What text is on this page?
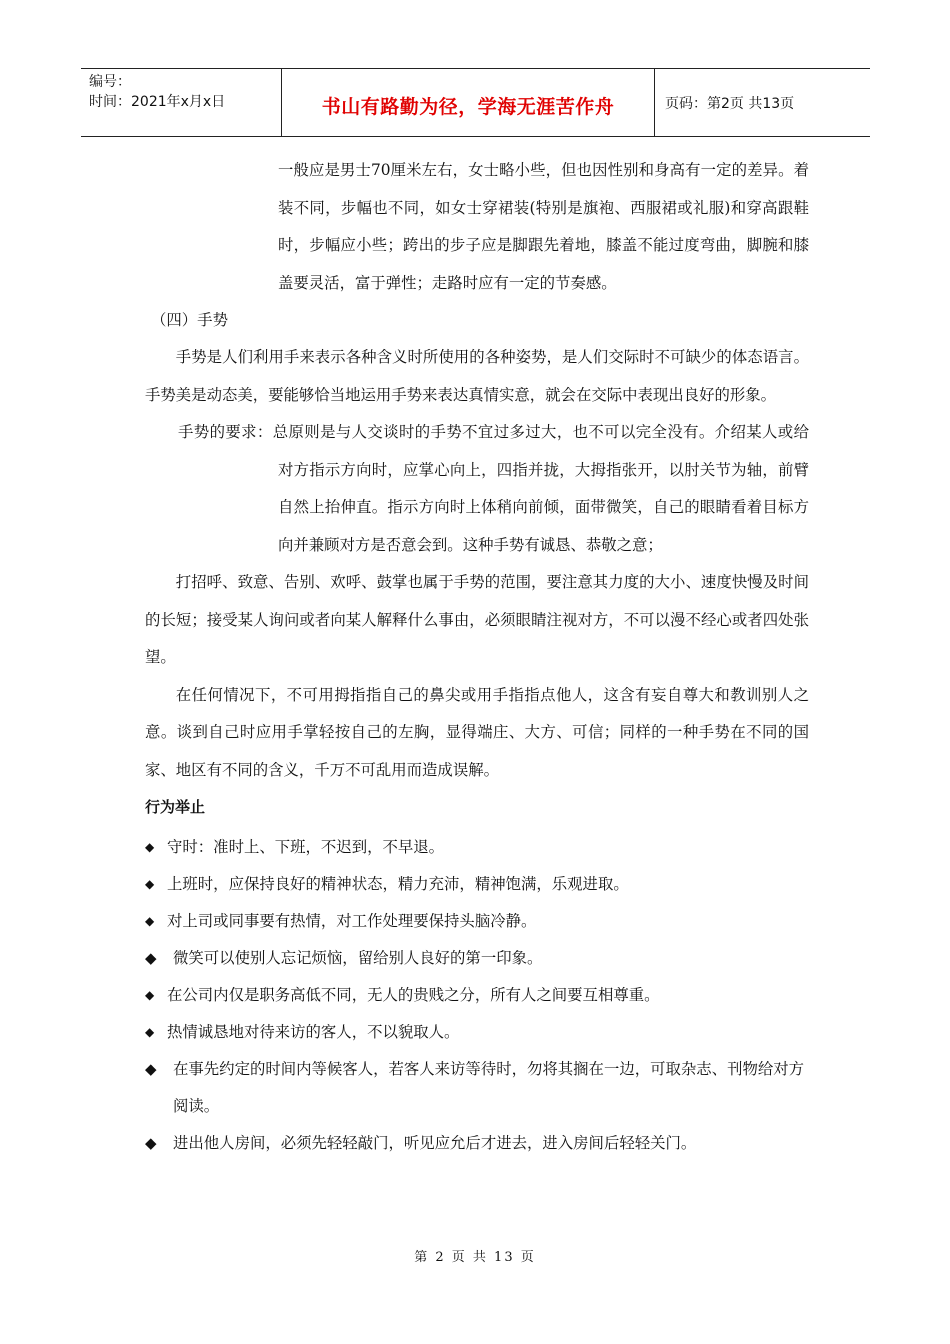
编号：
时间：2021年x月x日	书山有路勤为径，学海无涯苦作舟	页码：第2页 共13页

一般应是男士70厘米左右，女士略小些，但也因性别和身高有一定的差异。着装不同，步幅也不同，如女士穿裙装(特别是旗袍、西服裙或礼服)和穿高跟鞋时，步幅应小些；跨出的步子应是脚跟先着地，膝盖不能过度弯曲，脚腕和膝盖要灵活，富于弹性；走路时应有一定的节奏感。

（四）手势

手势是人们利用手来表示各种含义时所使用的各种姿势，是人们交际时不可缺少的体态语言。手势美是动态美，要能够恰当地运用手势来表达真情实意，就会在交际中表现出良好的形象。

手势的要求：总原则是与人交谈时的手势不宜过多过大，也不可以完全没有。介绍某人或给对方指示方向时，应掌心向上，四指并拢，大拇指张开，以肘关节为轴，前臂自然上抬伸直。指示方向时上体稍向前倾，面带微笑，自己的眼睛看着目标方向并兼顾对方是否意会到。这种手势有诚恳、恭敬之意；

打招呼、致意、告别、欢呼、鼓掌也属于手势的范围，要注意其力度的大小、速度快慢及时间的长短；接受某人询问或者向某人解释什么事由，必须眼睛注视对方，不可以漫不经心或者四处张望。

在任何情况下，不可用拇指指自己的鼻尖或用手指指点他人，这含有妄自尊大和教训别人之意。谈到自己时应用手掌轻按自己的左胸，显得端庄、大方、可信；同样的一种手势在不同的国家、地区有不同的含义，千万不可乱用而造成误解。

行为举止

◆ 守时：准时上、下班，不迟到，不早退。
◆ 上班时，应保持良好的精神状态，精力充沛，精神饱满，乐观进取。
◆ 对上司或同事要有热情，对工作处理要保持头脑冷静。
◆ 微笑可以使别人忘记烦恼，留给别人良好的第一印象。
◆ 在公司内仅是职务高低不同，无人的贵贱之分，所有人之间要互相尊重。
◆ 热情诚恳地对待来访的客人，不以貌取人。
◆ 在事先约定的时间内等候客人，若客人来访等待时，勿将其搁在一边，可取杂志、刊物给对方阅读。
◆ 进出他人房间，必须先轻轻敲门，听见应允后才进去，进入房间后轻轻关门。
第 2 页 共 13 页
